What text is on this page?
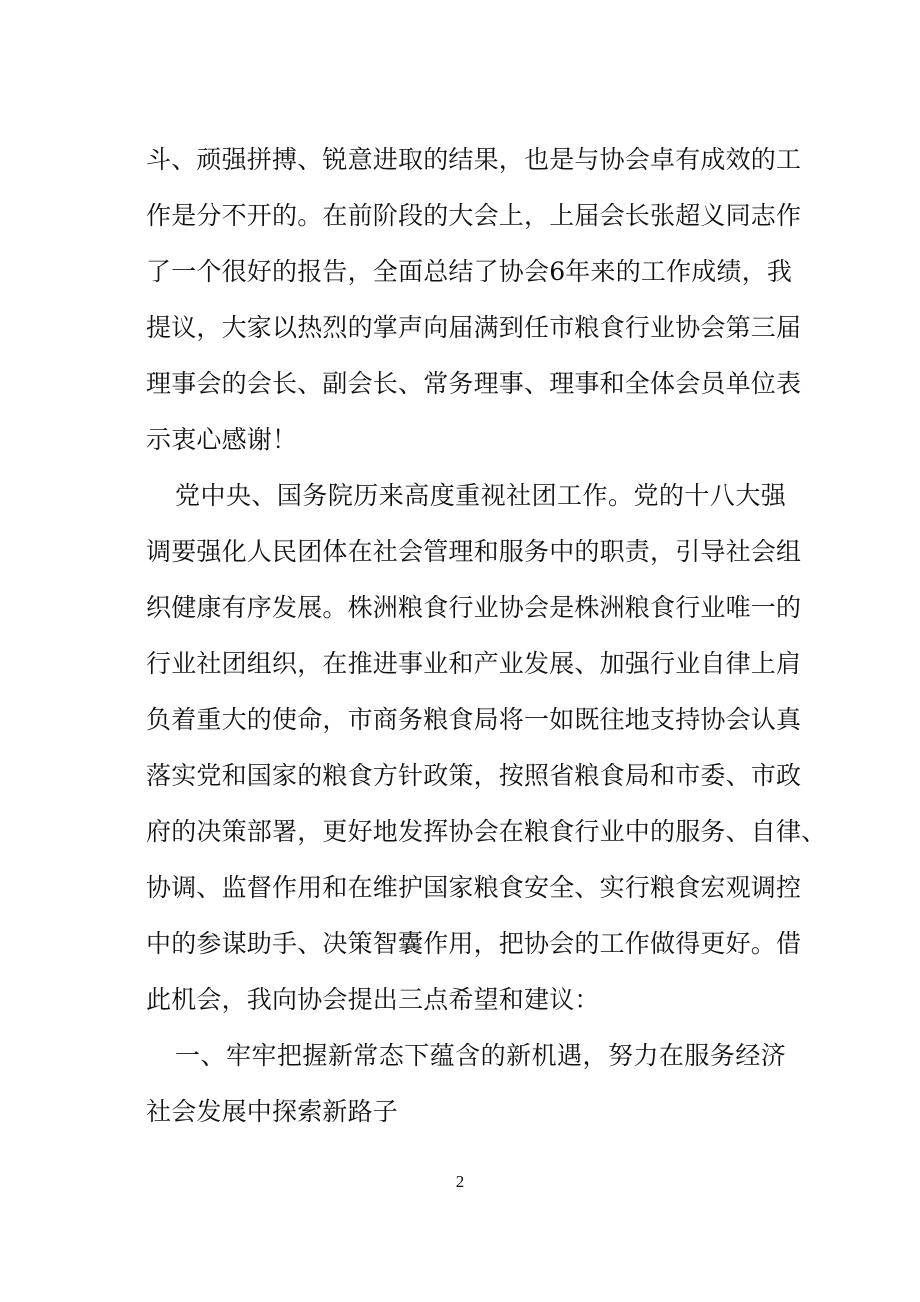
斗、顽强拼搏、锐意进取的结果，也是与协会卓有成效的工
作是分不开的。在前阶段的大会上，上届会长张超义同志作
了一个很好的报告，全面总结了协会6年来的工作成绩，我
提议，大家以热烈的掌声向届满到任市粮食行业协会第三届
理事会的会长、副会长、常务理事、理事和全体会员单位表
示衷心感谢！
党中央、国务院历来高度重视社团工作。党的十八大强
调要强化人民团体在社会管理和服务中的职责，引导社会组
织健康有序发展。株洲粮食行业协会是株洲粮食行业唯一的
行业社团组织，在推进事业和产业发展、加强行业自律上肩
负着重大的使命，市商务粮食局将一如既往地支持协会认真
落实党和国家的粮食方针政策，按照省粮食局和市委、市政
府的决策部署，更好地发挥协会在粮食行业中的服务、自律、
协调、监督作用和在维护国家粮食安全、实行粮食宏观调控
中的参谋助手、决策智囊作用，把协会的工作做得更好。借
此机会，我向协会提出三点希望和建议：
一、牢牢把握新常态下蕴含的新机遇，努力在服务经济
社会发展中探索新路子
2
